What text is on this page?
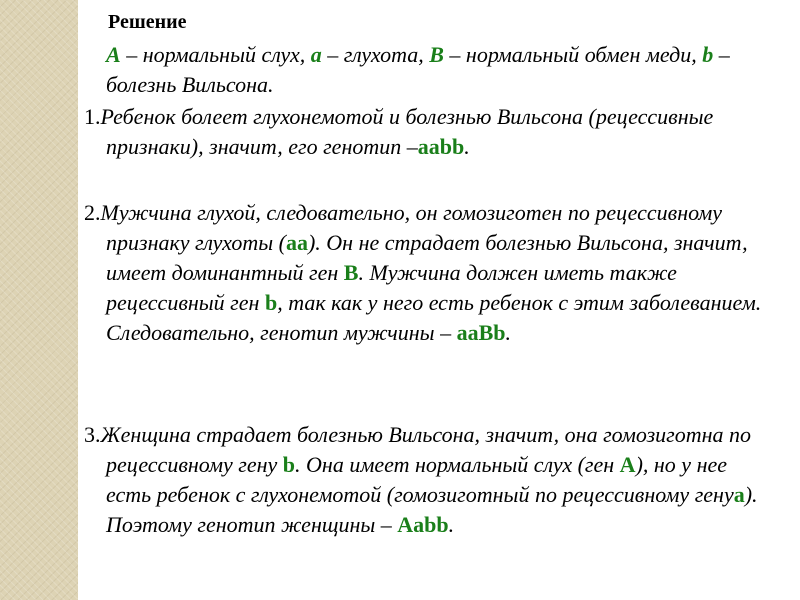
Решение

А – нормальный слух, а – глухота, В – нормальный обмен меди, b – болезнь Вильсона.

1.Ребенок болеет глухонемотой и болезнью Вильсона (рецессивные признаки), значит, его генотип –aabb.

2.Мужчина глухой, следовательно, он гомозиготен по рецессивному признаку глухоты (аа). Он не страдает болезнью Вильсона, значит, имеет доминантный ген B. Мужчина должен иметь также рецессивный ген b, так как у него есть ребенок с этим заболеванием. Следовательно, генотип мужчины – aaBb.

3.Женщина страдает болезнью Вильсона, значит, она гомозиготна по рецессивному гену b. Она имеет нормальный слух (ген A), но у нее есть ребенок с глухонемотой (гомозиготный по рецессивному генуa). Поэтому генотип женщины – Aabb.
